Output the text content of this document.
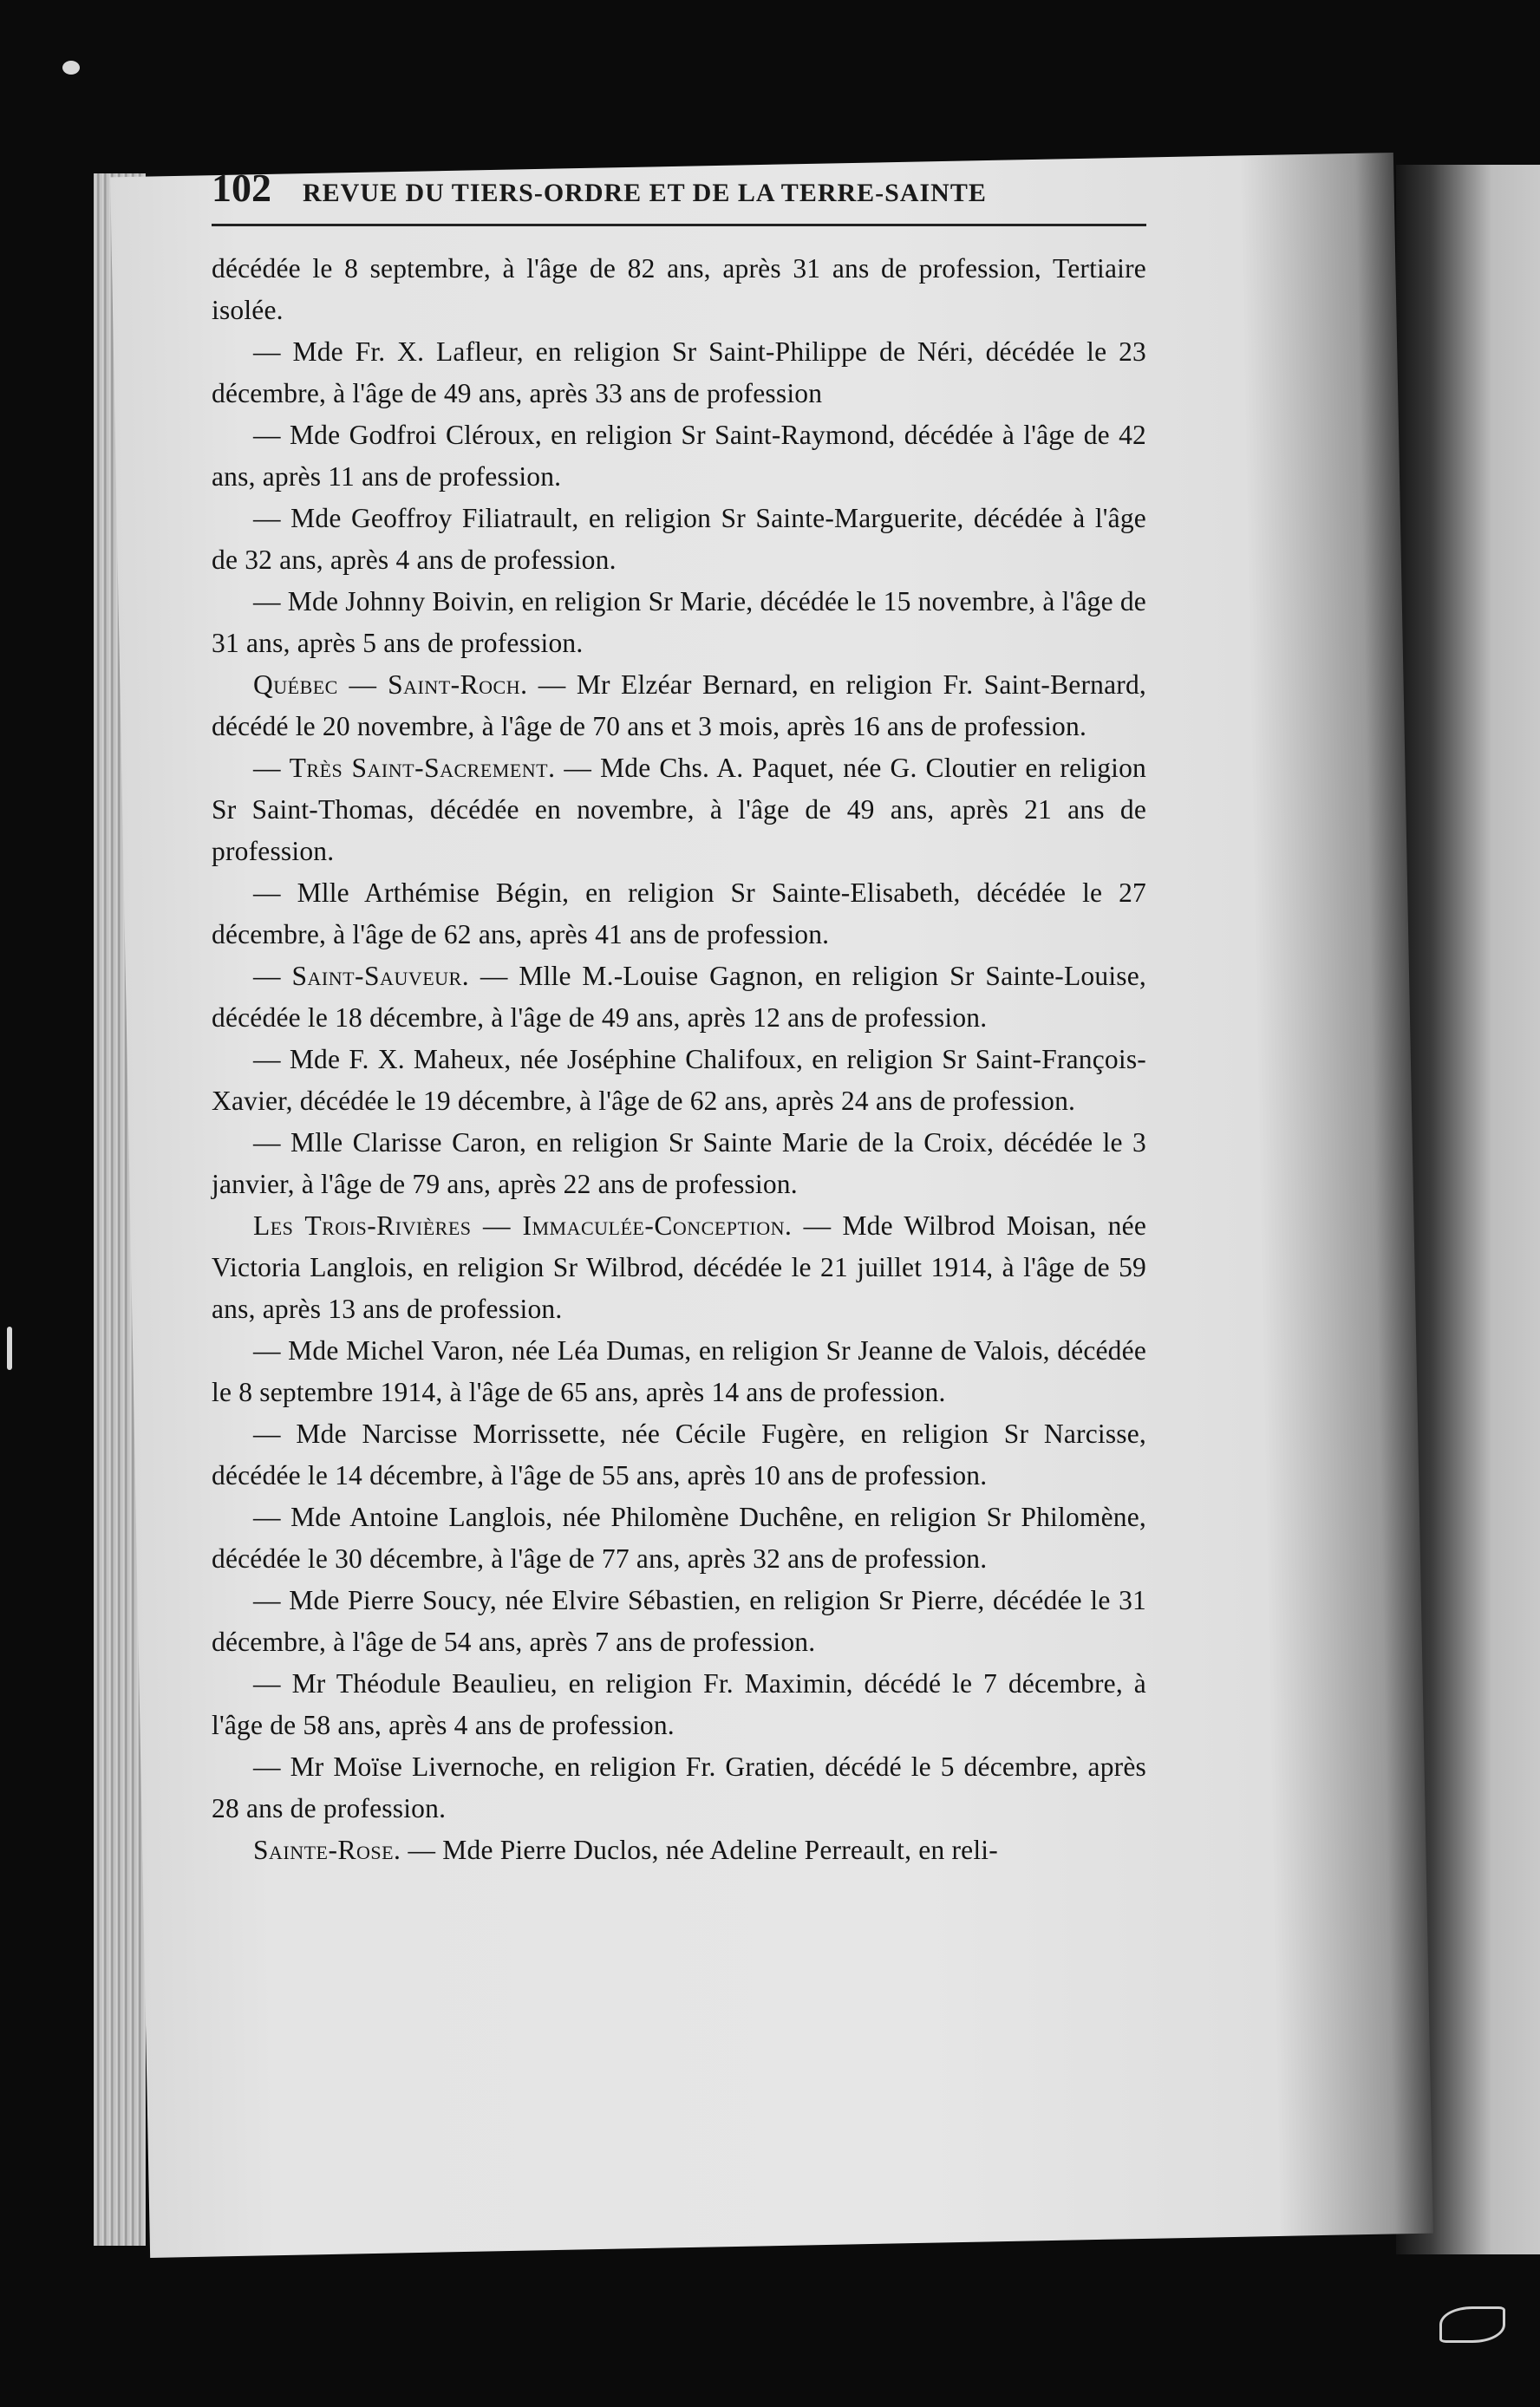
102 REVUE DU TIERS-ORDRE ET DE LA TERRE-SAINTE

décédée le 8 septembre, à l'âge de 82 ans, après 31 ans de profession, Tertiaire isolée.

— Mde Fr. X. Lafleur, en religion Sr Saint-Philippe de Néri, décédée le 23 décembre, à l'âge de 49 ans, après 33 ans de profession

— Mde Godfroi Cléroux, en religion Sr Saint-Raymond, décédée à l'âge de 42 ans, après 11 ans de profession.

— Mde Geoffroy Filiatrault, en religion Sr Sainte-Marguerite, décédée à l'âge de 32 ans, après 4 ans de profession.

— Mde Johnny Boivin, en religion Sr Marie, décédée le 15 novembre, à l'âge de 31 ans, après 5 ans de profession.

Québec — Saint-Roch. — Mr Elzéar Bernard, en religion Fr. Saint-Bernard, décédé le 20 novembre, à l'âge de 70 ans et 3 mois, après 16 ans de profession.

— Très Saint-Sacrement. — Mde Chs. A. Paquet, née G. Cloutier en religion Sr Saint-Thomas, décédée en novembre, à l'âge de 49 ans, après 21 ans de profession.

— Mlle Arthémise Bégin, en religion Sr Sainte-Elisabeth, décédée le 27 décembre, à l'âge de 62 ans, après 41 ans de profession.

— Saint-Sauveur. — Mlle M.-Louise Gagnon, en religion Sr Sainte-Louise, décédée le 18 décembre, à l'âge de 49 ans, après 12 ans de profession.

— Mde F. X. Maheux, née Joséphine Chalifoux, en religion Sr Saint-François-Xavier, décédée le 19 décembre, à l'âge de 62 ans, après 24 ans de profession.

— Mlle Clarisse Caron, en religion Sr Sainte Marie de la Croix, décédée le 3 janvier, à l'âge de 79 ans, après 22 ans de profession.

Les Trois-Rivières — Immaculée-Conception. — Mde Wilbrod Moisan, née Victoria Langlois, en religion Sr Wilbrod, décédée le 21 juillet 1914, à l'âge de 59 ans, après 13 ans de profession.

— Mde Michel Varon, née Léa Dumas, en religion Sr Jeanne de Valois, décédée le 8 septembre 1914, à l'âge de 65 ans, après 14 ans de profession.

— Mde Narcisse Morrissette, née Cécile Fugère, en religion Sr Narcisse, décédée le 14 décembre, à l'âge de 55 ans, après 10 ans de profession.

— Mde Antoine Langlois, née Philomène Duchêne, en religion Sr Philomène, décédée le 30 décembre, à l'âge de 77 ans, après 32 ans de profession.

— Mde Pierre Soucy, née Elvire Sébastien, en religion Sr Pierre, décédée le 31 décembre, à l'âge de 54 ans, après 7 ans de profession.

— Mr Théodule Beaulieu, en religion Fr. Maximin, décédé le 7 décembre, à l'âge de 58 ans, après 4 ans de profession.

— Mr Moïse Livernoche, en religion Fr. Gratien, décédé le 5 décembre, après 28 ans de profession.

Sainte-Rose. — Mde Pierre Duclos, née Adeline Perreault, en reli-
